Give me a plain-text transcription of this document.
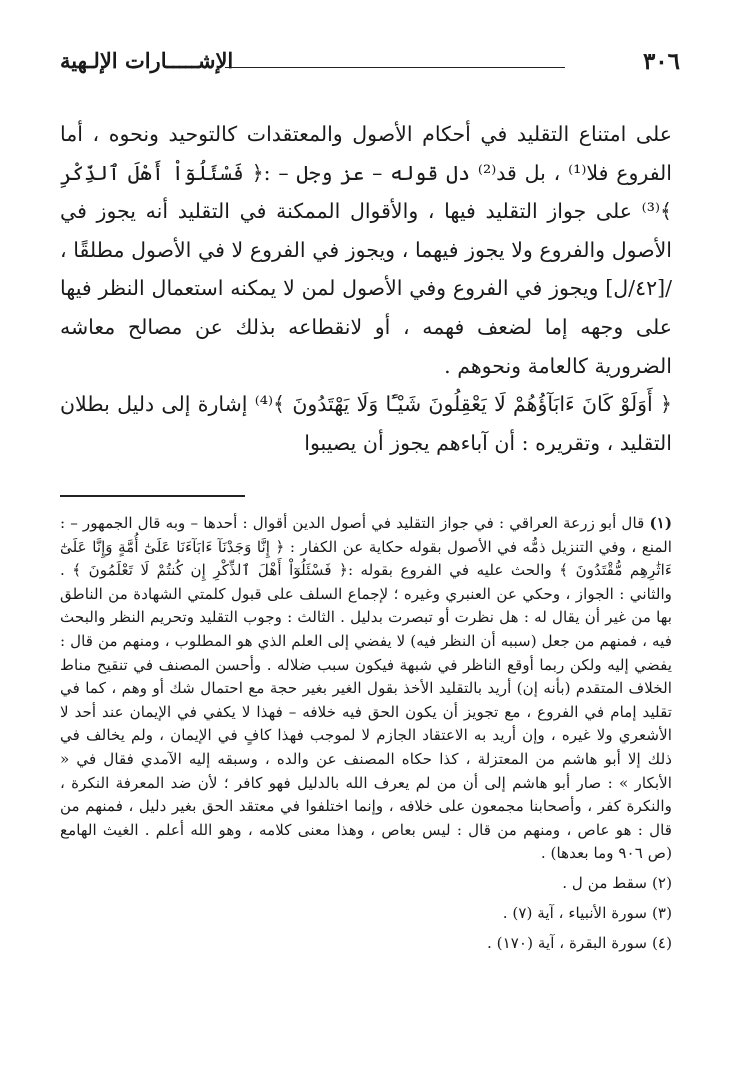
٣٠٦
الإشـــــارات الإلـهية

على امتناع التقليد في أحكام الأصول والمعتقدات كالتوحيد ونحوه ، أما الفروع فلا⁽¹⁾ ، بل قد⁽²⁾ دل قوله – عز وجل – :﴿ فَسْئَلُوٓاْ أَهْلَ ٱلذِّكْرِ ﴾⁽³⁾ على جواز التقليد فيها ، والأقوال الممكنة في التقليد أنه يجوز في الأصول والفروع ولا يجوز فيهما ، ويجوز في الفروع لا في الأصول مطلقًا ، /[٤٢/ل] ويجوز في الفروع وفي الأصول لمن لا يمكنه استعمال النظر فيها على وجهه إما لضعف فهمه ، أو لانقطاعه بذلك عن مصالح معاشه الضرورية كالعامة ونحوهم .

﴿ أَوَلَوْ كَانَ ءَابَآؤُهُمْ لَا يَعْقِلُونَ شَيْـًٔا وَلَا يَهْتَدُونَ ﴾⁽⁴⁾ إشارة إلى دليل بطلان التقليد ، وتقريره : أن آباءهم يجوز أن يصيبوا

(١) قال أبو زرعة العراقي : في جواز التقليد في أصول الدين أقوال : أحدها – وبه قال الجمهور – : المنع ، وفي التنزيل ذمُّه في الأصول بقوله حكاية عن الكفار : ﴿ إِنَّا وَجَدْنَآ ءَابَآءَنَا عَلَىٰٓ أُمَّةٍ وَإِنَّا عَلَىٰٓ ءَاثَٰرِهِم مُّقْتَدُونَ ﴾ والحث عليه في الفروع بقوله :﴿ فَسْئَلُوٓاْ أَهْلَ ٱلذِّكْرِ إِن كُنتُمْ لَا تَعْلَمُونَ ﴾ . والثاني : الجواز ، وحكي عن العنبري وغيره ؛ لإجماع السلف على قبول كلمتي الشهادة من الناطق بها من غير أن يقال له : هل نظرت أو تبصرت بدليل . الثالث : وجوب التقليد وتحريم النظر والبحث فيه ، فمنهم من جعل (سببه أن النظر فيه) لا يفضي إلى العلم الذي هو المطلوب ، ومنهم من قال : يفضي إليه ولكن ربما أوقع الناظر في شبهة فيكون سبب ضلاله . وأحسن المصنف في تنقيح مناط الخلاف المتقدم (بأنه إن) أريد بالتقليد الأخذ بقول الغير بغير حجة مع احتمال شك أو وهم ، كما في تقليد إمام في الفروع ، مع تجويز أن يكون الحق فيه خلافه – فهذا لا يكفي في الإيمان عند أحد لا الأشعري ولا غيره ، وإن أريد به الاعتقاد الجازم لا لموجب فهذا كافٍ في الإيمان ، ولم يخالف في ذلك إلا أبو هاشم من المعتزلة ، كذا حكاه المصنف عن والده ، وسبقه إليه الآمدي فقال في « الأبكار » : صار أبو هاشم إلى أن من لم يعرف الله بالدليل فهو كافر ؛ لأن ضد المعرفة النكرة ، والنكرة كفر ، وأصحابنا مجمعون على خلافه ، وإنما اختلفوا في معتقد الحق بغير دليل ، فمنهم من قال : هو عاص ، ومنهم من قال : ليس بعاص ، وهذا معنى كلامه ، وهو الله أعلم . الغيث الهامع (ص ٩٠٦ وما بعدها) .

(٢) سقط من ل .

(٣) سورة الأنبياء ، آية (٧) .

(٤) سورة البقرة ، آية (١٧٠) .
